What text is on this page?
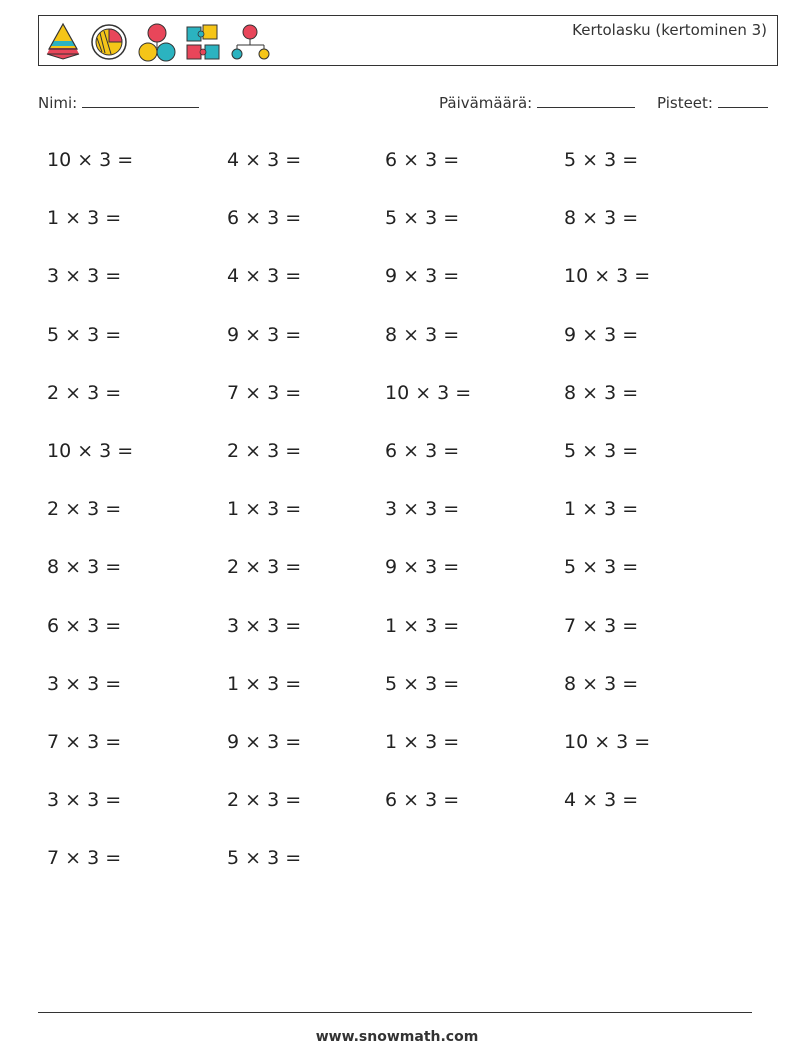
Kertolasku (kertominen 3)
Nimi:	Päivämäärä:	Pisteet:
10 × 3 =	4 × 3 =	6 × 3 =	5 × 3 =
1 × 3 =	6 × 3 =	5 × 3 =	8 × 3 =
3 × 3 =	4 × 3 =	9 × 3 =	10 × 3 =
5 × 3 =	9 × 3 =	8 × 3 =	9 × 3 =
2 × 3 =	7 × 3 =	10 × 3 =	8 × 3 =
10 × 3 =	2 × 3 =	6 × 3 =	5 × 3 =
2 × 3 =	1 × 3 =	3 × 3 =	1 × 3 =
8 × 3 =	2 × 3 =	9 × 3 =	5 × 3 =
6 × 3 =	3 × 3 =	1 × 3 =	7 × 3 =
3 × 3 =	1 × 3 =	5 × 3 =	8 × 3 =
7 × 3 =	9 × 3 =	1 × 3 =	10 × 3 =
3 × 3 =	2 × 3 =	6 × 3 =	4 × 3 =
7 × 3 =	5 × 3 =
www.snowmath.com
